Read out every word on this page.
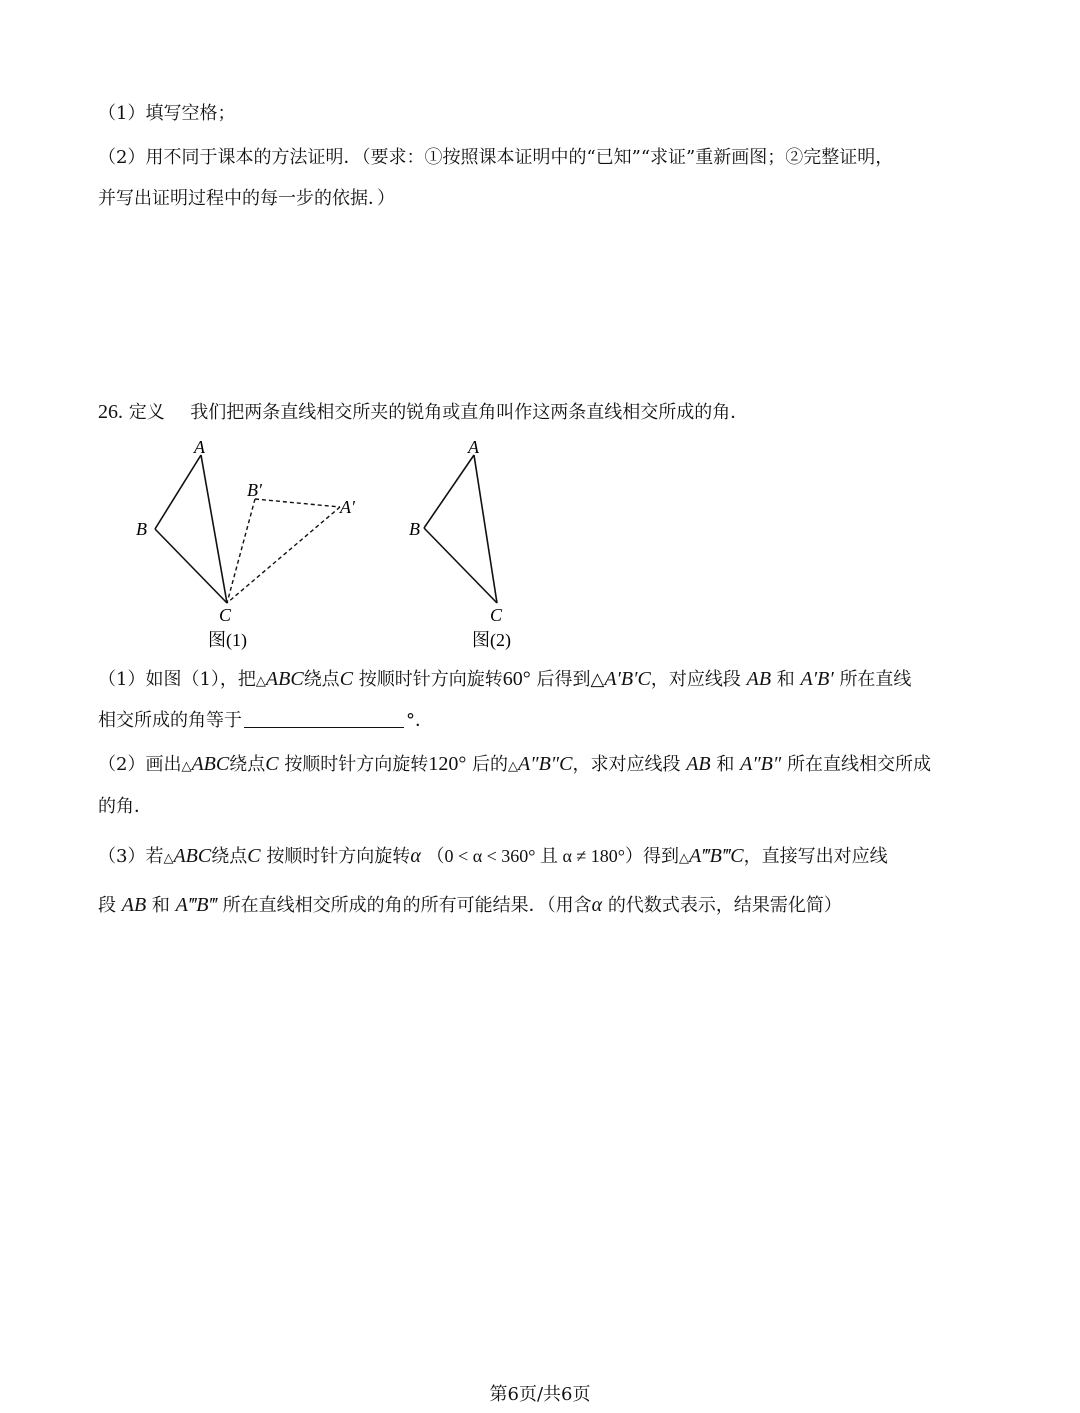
（1）填写空格；
（2）用不同于课本的方法证明．（要求：①按照课本证明中的“已知”“求证”重新画图；②完整证明，
并写出证明过程中的每一步的依据．）
26. 定义 我们把两条直线相交所夹的锐角或直角叫作这两条直线相交所成的角．
A
B
C
B′
A′
图(1)
A
B
C
图(2)
（1）如图（1），把△ABC绕点C 按顺时针方向旋转60° 后得到△A′B′C，对应线段 AB 和 A′B′ 所在直线
相交所成的角等于	°．
（2）画出△ABC绕点C 按顺时针方向旋转120° 后的△A″B″C，求对应线段 AB 和 A″B″ 所在直线相交所成
的角．
（3）若△ABC绕点C 按顺时针方向旋转α （0 < α < 360° 且 α ≠ 180°）得到△A‴B‴C，直接写出对应线
段 AB 和 A‴B‴ 所在直线相交所成的角的所有可能结果．（用含α 的代数式表示，结果需化简）
第6页/共6页
